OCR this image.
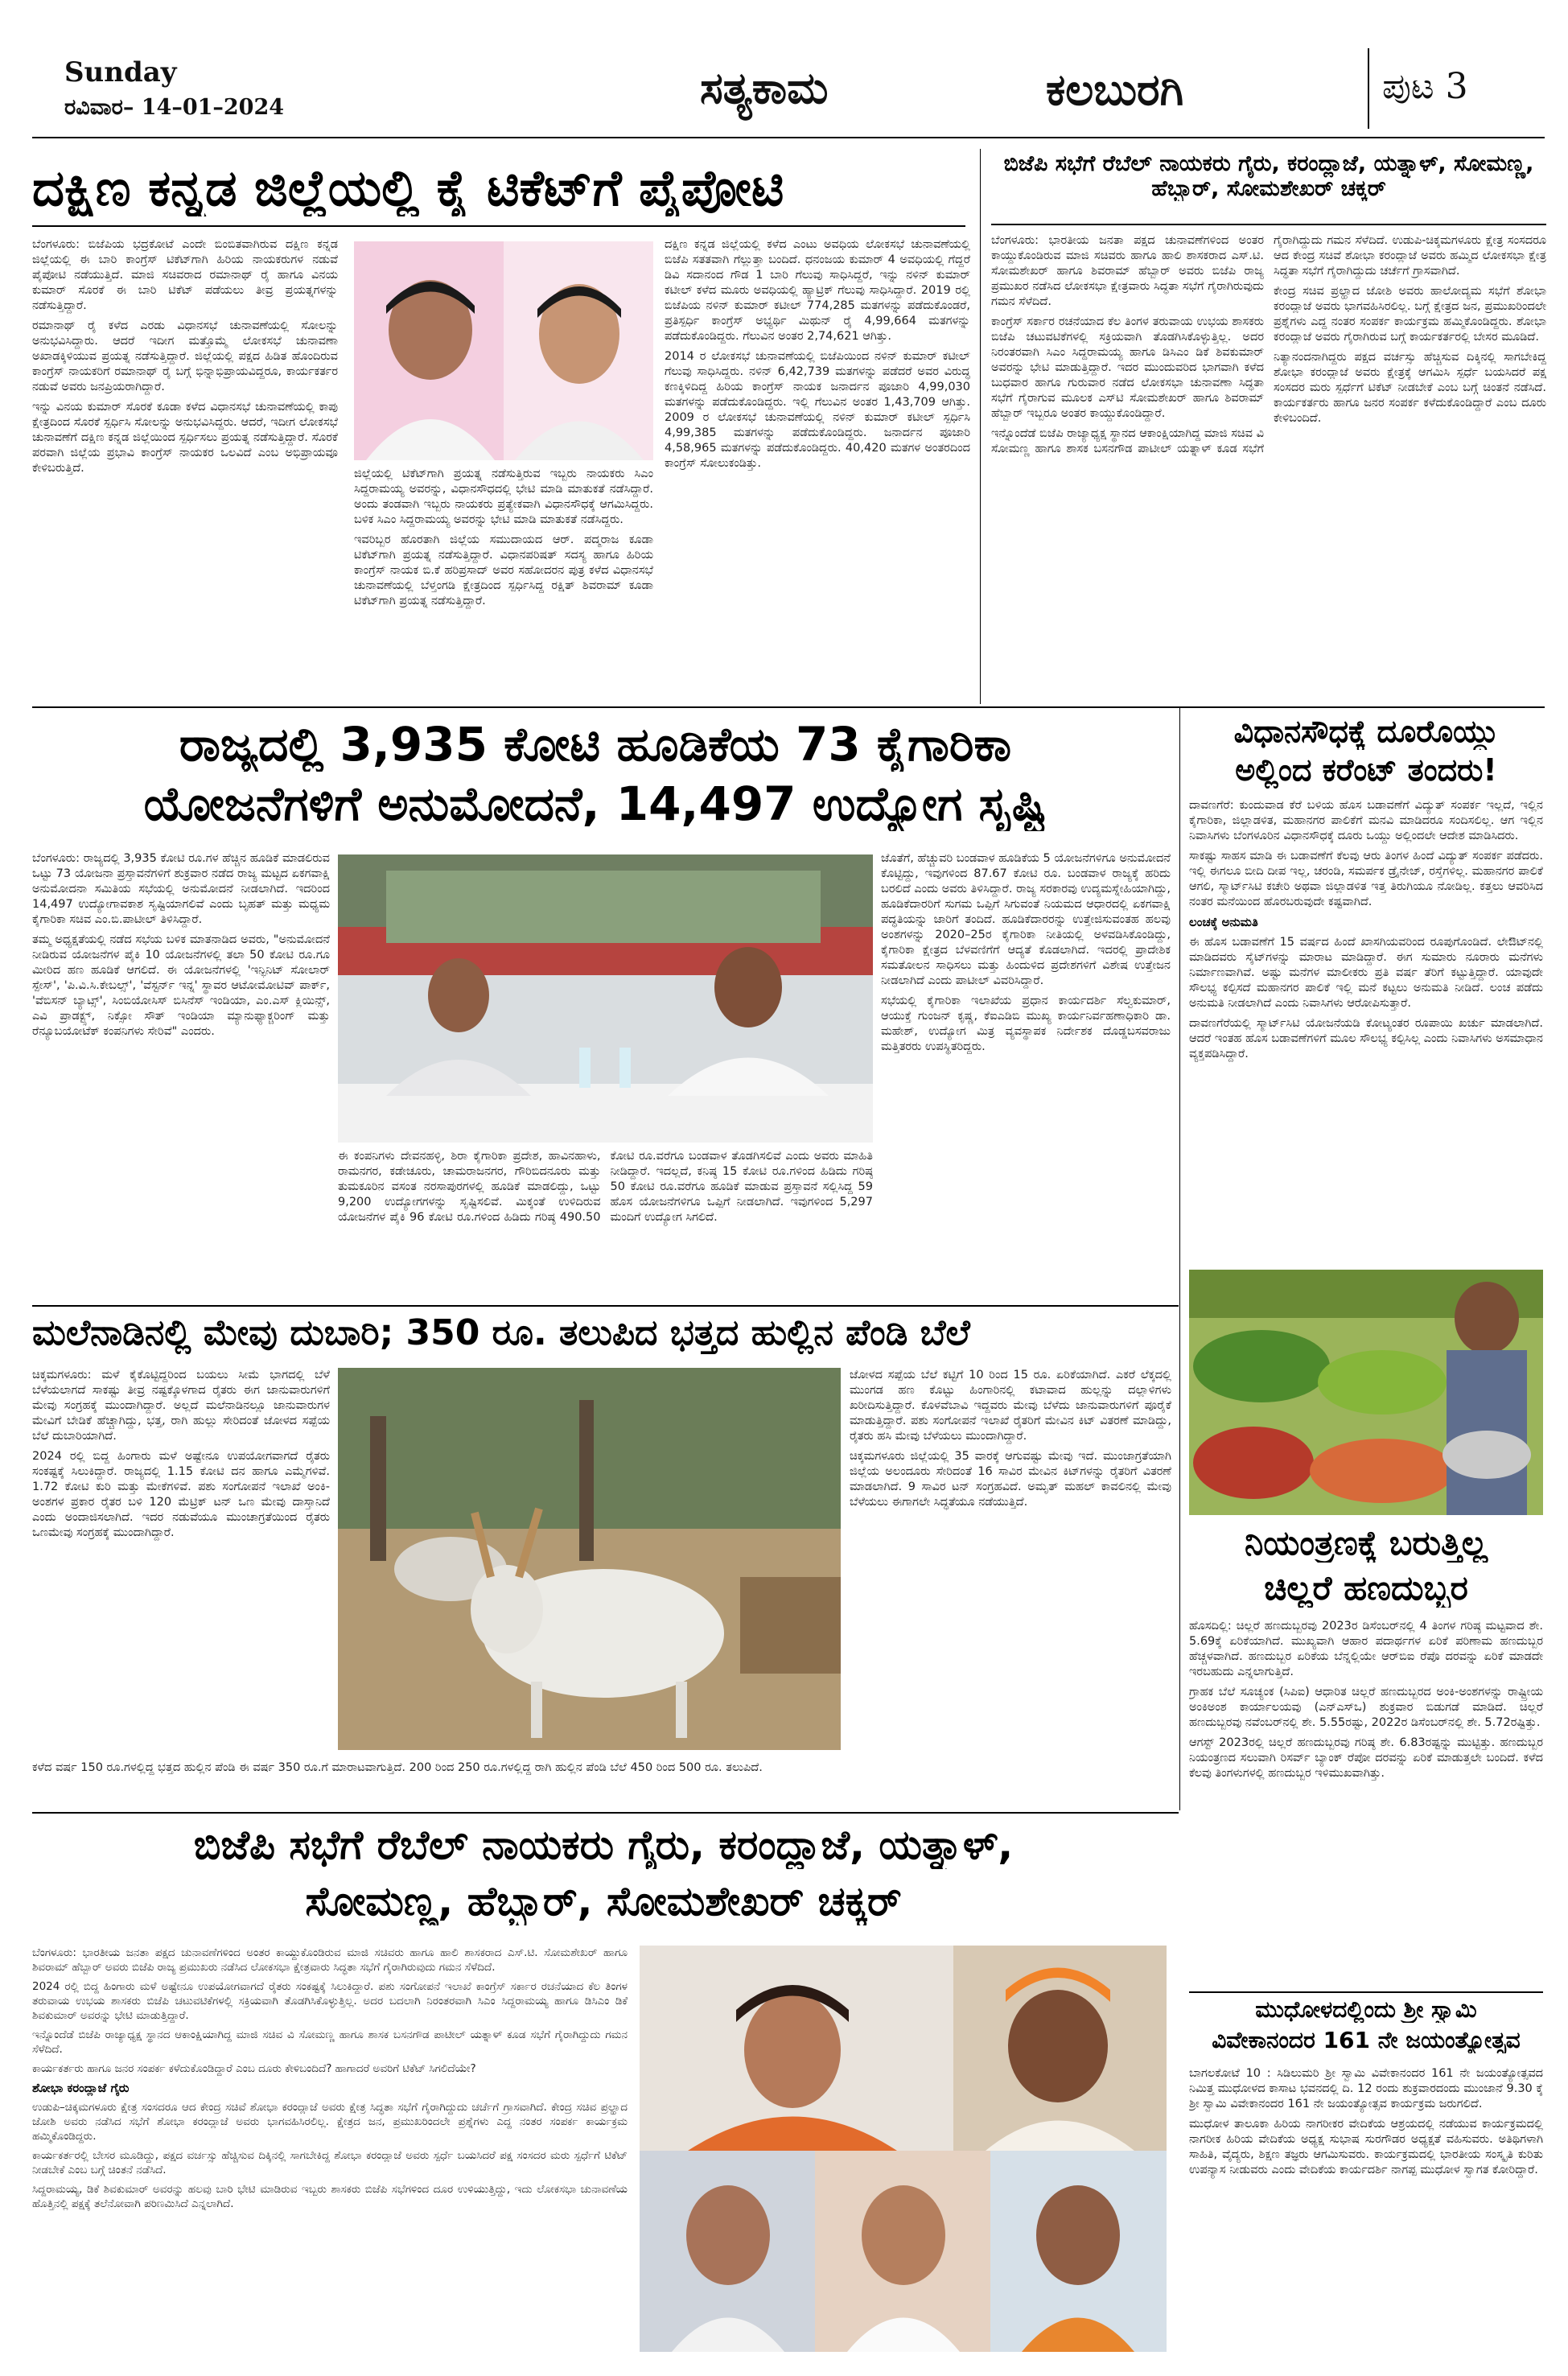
Sunday
ರವಿವಾರ– 14–01–2024	ಸತ್ಯಕಾಮ	ಕಲಬುರಗಿ	ಪುಟ 3
ದಕ್ಷಿಣ ಕನ್ನಡ ಜಿಲ್ಲೆಯಲ್ಲಿ ಕೈ ಟಿಕೆಟ್‌ಗೆ ಪೈಪೋಟಿ

ಬೆಂಗಳೂರು: ಬಿಜೆಪಿಯ ಭದ್ರಕೋಟೆ ಎಂದೇ ಬಿಂಬಿತವಾಗಿರುವ ದಕ್ಷಿಣ ಕನ್ನಡ ಜಿಲ್ಲೆಯಲ್ಲಿ ಈ ಬಾರಿ ಕಾಂಗ್ರೆಸ್ ಟಿಕೆಟ್‌ಗಾಗಿ ಹಿರಿಯ ನಾಯಕರುಗಳ ನಡುವೆ ಪೈಪೋಟಿ ನಡೆಯುತ್ತಿದೆ. ಮಾಜಿ ಸಚಿವರಾದ ರಮಾನಾಥ್ ರೈ ಹಾಗೂ ವಿನಯ ಕುಮಾರ್ ಸೊರಕೆ ಈ ಬಾರಿ ಟಿಕೆಟ್ ಪಡೆಯಲು ತೀವ್ರ ಪ್ರಯತ್ನಗಳನ್ನು ನಡೆಸುತ್ತಿದ್ದಾರೆ.

ರಮಾನಾಥ್ ರೈ ಕಳೆದ ಎರಡು ವಿಧಾನಸಭೆ ಚುನಾವಣೆಯಲ್ಲಿ ಸೋಲನ್ನು ಅನುಭವಿಸಿದ್ದಾರು. ಆದರೆ ಇದೀಗ ಮತ್ತೊಮ್ಮೆ ಲೋಕಸಭೆ ಚುನಾವಣಾ ಅಖಾಡಕ್ಕಿಳಿಯುವ ಪ್ರಯತ್ನ ನಡೆಸುತ್ತಿದ್ದಾರೆ. ಜಿಲ್ಲೆಯಲ್ಲಿ ಪಕ್ಷದ ಹಿಡಿತ ಹೊಂದಿರುವ ಕಾಂಗ್ರೆಸ್ ನಾಯಕರಿಗೆ ರಮಾನಾಥ್ ರೈ ಬಗ್ಗೆ ಭಿನ್ನಾಭಿಪ್ರಾಯವಿದ್ದರೂ, ಕಾರ್ಯಕರ್ತರ ನಡುವೆ ಅವರು ಜನಪ್ರಿಯರಾಗಿದ್ದಾರೆ.

ಇನ್ನು ವಿನಯ ಕುಮಾರ್ ಸೊರಕೆ ಕೂಡಾ ಕಳೆದ ವಿಧಾನಸಭೆ ಚುನಾವಣೆಯಲ್ಲಿ ಕಾಪು ಕ್ಷೇತ್ರದಿಂದ ಸೊರಕೆ ಸ್ಪರ್ಧಿಸಿ ಸೋಲನ್ನು ಅನುಭವಿಸಿದ್ದರು. ಆದರೆ, ಇದೀಗ ಲೋಕಸಭೆ ಚುನಾವಣೆಗೆ ದಕ್ಷಿಣ ಕನ್ನಡ ಜಿಲ್ಲೆಯಿಂದ ಸ್ಪರ್ಧಿಸಲು ಪ್ರಯತ್ನ ನಡೆಸುತ್ತಿದ್ದಾರೆ. ಸೊರಕೆ ಪರವಾಗಿ ಜಿಲ್ಲೆಯ ಪ್ರಭಾವಿ ಕಾಂಗ್ರೆಸ್ ನಾಯಕರ ಒಲವಿದೆ ಎಂಬ ಅಭಿಪ್ರಾಯವೂ ಕೇಳಿಬರುತ್ತಿದೆ.	ಜಿಲ್ಲೆಯಲ್ಲಿ ಟಿಕೆಟ್‌ಗಾಗಿ ಪ್ರಯತ್ನ ನಡೆಸುತ್ತಿರುವ ಇಬ್ಬರು ನಾಯಕರು ಸಿಎಂ ಸಿದ್ದರಾಮಯ್ಯ ಅವರನ್ನು, ವಿಧಾನಸೌಧದಲ್ಲಿ ಭೇಟಿ ಮಾಡಿ ಮಾತುಕತೆ ನಡೆಸಿದ್ದಾರೆ. ಅಂದು ತಂಡವಾಗಿ ಇಬ್ಬರು ನಾಯಕರು ಪ್ರತ್ಯೇಕವಾಗಿ ವಿಧಾನಸೌಧಕ್ಕೆ ಆಗಮಿಸಿದ್ದರು. ಬಳಿಕ ಸಿಎಂ ಸಿದ್ದರಾಮಯ್ಯ ಅವರನ್ನು ಭೇಟಿ ಮಾಡಿ ಮಾತುಕತೆ ನಡೆಸಿದ್ದರು.

ಇವರಿಬ್ಬರ ಹೊರತಾಗಿ ಜಿಲ್ಲೆಯ ಸಮುದಾಯದ ಆರ್. ಪದ್ಮರಾಜ ಕೂಡಾ ಟಿಕೆಟ್‌ಗಾಗಿ ಪ್ರಯತ್ನ ನಡೆಸುತ್ತಿದ್ದಾರೆ. ವಿಧಾನಪರಿಷತ್ ಸದಸ್ಯ ಹಾಗೂ ಹಿರಿಯ ಕಾಂಗ್ರೆಸ್ ನಾಯಕ ಬಿ.ಕೆ ಹರಿಪ್ರಸಾದ್ ಅವರ ಸಹೋದರನ ಪುತ್ರ ಕಳೆದ ವಿಧಾನಸಭೆ ಚುನಾವಣೆಯಲ್ಲಿ ಬೆಳ್ತಂಗಡಿ ಕ್ಷೇತ್ರದಿಂದ ಸ್ಪರ್ಧಿಸಿದ್ದ ರಕ್ಷಿತ್ ಶಿವರಾಮ್ ಕೂಡಾ ಟಿಕೆಟ್‌ಗಾಗಿ ಪ್ರಯತ್ನ ನಡೆಸುತ್ತಿದ್ದಾರೆ.

ದಕ್ಷಿಣ ಕನ್ನಡ ಜಿಲ್ಲೆಯಲ್ಲಿ ಕಳೆದ ಎಂಟು ಅವಧಿಯ ಲೋಕಸಭೆ ಚುನಾವಣೆಯಲ್ಲಿ ಬಿಜೆಪಿ ಸತತವಾಗಿ ಗೆಲ್ಲುತ್ತಾ ಬಂದಿದೆ. ಧನಂಜಯ ಕುಮಾರ್ 4 ಅವಧಿಯಲ್ಲಿ ಗೆದ್ದರೆ ಡಿವಿ ಸದಾನಂದ ಗೌಡ 1 ಬಾರಿ ಗೆಲುವು ಸಾಧಿಸಿದ್ದರೆ, ಇನ್ನು ನಳಿನ್ ಕುಮಾರ್ ಕಟೀಲ್ ಕಳೆದ ಮೂರು ಅವಧಿಯಲ್ಲಿ ಹ್ಯಾಟ್ರಿಕ್ ಗೆಲುವು ಸಾಧಿಸಿದ್ದಾರೆ. 2019 ರಲ್ಲಿ ಬಿಜೆಪಿಯ ನಳಿನ್ ಕುಮಾರ್ ಕಟೀಲ್ 774,285 ಮತಗಳನ್ನು ಪಡೆದುಕೊಂಡರೆ, ಪ್ರತಿಸ್ಪರ್ಧಿ ಕಾಂಗ್ರೆಸ್ ಅಭ್ಯರ್ಥಿ ಮಿಥುನ್ ರೈ 4,99,664 ಮತಗಳನ್ನು ಪಡೆದುಕೊಂಡಿದ್ದರು. ಗೆಲುವಿನ ಅಂತರ 2,74,621 ಆಗಿತ್ತು.

2014 ರ ಲೋಕಸಭೆ ಚುನಾವಣೆಯಲ್ಲಿ ಬಿಜೆಪಿಯಿಂದ ನಳಿನ್ ಕುಮಾರ್ ಕಟೀಲ್ ಗೆಲುವು ಸಾಧಿಸಿದ್ದರು. ನಳಿನ್ 6,42,739 ಮತಗಳನ್ನು ಪಡೆದರೆ ಅವರ ವಿರುದ್ಧ ಕಣಕ್ಕಿಳಿದಿದ್ದ ಹಿರಿಯ ಕಾಂಗ್ರೆಸ್ ನಾಯಕ ಜನಾರ್ದನ ಪೂಜಾರಿ 4,99,030 ಮತಗಳನ್ನು ಪಡೆದುಕೊಂಡಿದ್ದರು. ಇಲ್ಲಿ ಗೆಲುವಿನ ಅಂತರ 1,43,709 ಆಗಿತ್ತು. 2009 ರ ಲೋಕಸಭೆ ಚುನಾವಣೆಯಲ್ಲಿ ನಳಿನ್ ಕುಮಾರ್ ಕಟೀಲ್ ಸ್ಪರ್ಧಿಸಿ 4,99,385 ಮತಗಳನ್ನು ಪಡೆದುಕೊಂಡಿದ್ದರು. ಜನಾರ್ದನ ಪೂಜಾರಿ 4,58,965 ಮತಗಳನ್ನು ಪಡೆದುಕೊಂಡಿದ್ದರು. 40,420 ಮತಗಳ ಅಂತರದಿಂದ ಕಾಂಗ್ರೆಸ್ ಸೋಲುಕಂಡಿತ್ತು.

ಬಿಜೆಪಿ ಸಭೆಗೆ ರೆಬೆಲ್ ನಾಯಕರು ಗೈರು, ಕರಂದ್ಲಾಜೆ, ಯತ್ನಾಳ್, ಸೋಮಣ್ಣ, ಹೆಬ್ಬಾರ್, ಸೋಮಶೇಖರ್ ಚಕ್ಕರ್

ಬೆಂಗಳೂರು: ಭಾರತೀಯ ಜನತಾ ಪಕ್ಷದ ಚುನಾವಣೆಗಳಿಂದ ಅಂತರ ಕಾಯ್ದುಕೊಂಡಿರುವ ಮಾಜಿ ಸಚಿವರು ಹಾಗೂ ಹಾಲಿ ಶಾಸಕರಾದ ಎಸ್.ಟಿ. ಸೋಮಶೇಖರ್ ಹಾಗೂ ಶಿವರಾಮ್ ಹೆಬ್ಬಾರ್ ಅವರು ಬಿಜೆಪಿ ರಾಜ್ಯ ಪ್ರಮುಖರ ನಡೆಸಿದ ಲೋಕಸಭಾ ಕ್ಷೇತ್ರವಾರು ಸಿದ್ಧತಾ ಸಭೆಗೆ ಗೈರಾಗಿರುವುದು ಗಮನ ಸೆಳೆದಿದೆ.

ಕಾಂಗ್ರೆಸ್ ಸರ್ಕಾರ ರಚನೆಯಾದ ಕೆಲ ತಿಂಗಳ ತರುವಾಯ ಉಭಯ ಶಾಸಕರು ಬಿಜೆಪಿ ಚಟುವಟಿಕೆಗಳಲ್ಲಿ ಸಕ್ರಿಯವಾಗಿ ತೊಡಗಿಸಿಕೊಳ್ಳುತ್ತಿಲ್ಲ. ಅದರ ನಿರಂತರವಾಗಿ ಸಿಎಂ ಸಿದ್ದರಾಮಯ್ಯ ಹಾಗೂ ಡಿಸಿಎಂ ಡಿಕೆ ಶಿವಕುಮಾರ್ ಅವರನ್ನು ಭೇಟಿ ಮಾಡುತ್ತಿದ್ದಾರೆ. ಇದರ ಮುಂದುವರಿದ ಭಾಗವಾಗಿ ಕಳೆದ ಬುಧವಾರ ಹಾಗೂ ಗುರುವಾರ ನಡೆದ ಲೋಕಸಭಾ ಚುನಾವಣಾ ಸಿದ್ಧತಾ ಸಭೆಗೆ ಗೈರಾಗುವ ಮೂಲಕ ಎಸ್‌ಟಿ ಸೋಮಶೇಖರ್ ಹಾಗೂ ಶಿವರಾಮ್ ಹೆಬ್ಬಾರ್ ಇಬ್ಬರೂ ಅಂತರ ಕಾಯ್ದುಕೊಂಡಿದ್ದಾರೆ.

ಇನ್ನೊಂದೆಡೆ ಬಿಜೆಪಿ ರಾಜ್ಯಾಧ್ಯಕ್ಷ ಸ್ಥಾನದ ಆಕಾಂಕ್ಷಿಯಾಗಿದ್ದ ಮಾಜಿ ಸಚಿವ ವಿ ಸೋಮಣ್ಣ ಹಾಗೂ ಶಾಸಕ ಬಸನಗೌಡ ಪಾಟೀಲ್ ಯತ್ನಾಳ್ ಕೂಡ ಸಭೆಗೆ ಗೈರಾಗಿದ್ದುದು ಗಮನ ಸೆಳೆದಿದೆ. ಉಡುಪಿ-ಚಿಕ್ಕಮಗಳೂರು ಕ್ಷೇತ್ರ ಸಂಸದರೂ ಆದ ಕೇಂದ್ರ ಸಚಿವೆ ಶೋಭಾ ಕರಂದ್ಲಾಜೆ ಅವರು ಹಮ್ಮಿದ ಲೋಕಸಭಾ ಕ್ಷೇತ್ರ ಸಿದ್ಧತಾ ಸಭೆಗೆ ಗೈರಾಗಿದ್ದುದು ಚರ್ಚೆಗೆ ಗ್ರಾಸವಾಗಿದೆ.

ಕೇಂದ್ರ ಸಚಿವ ಪ್ರಲ್ಹಾದ ಜೋಶಿ ಅವರು ಹಾಲೋದ್ಯಮ ಸಭೆಗೆ ಶೋಭಾ ಕರಂದ್ಲಾಜೆ ಅವರು ಭಾಗವಹಿಸಿರಲಿಲ್ಲ. ಬಗ್ಗೆ ಕ್ಷೇತ್ರದ ಜನ, ಪ್ರಮುಖರಿಂದಲೇ ಪ್ರಶ್ನೆಗಳು ಎದ್ದ ನಂತರ ಸಂಪರ್ಕ ಕಾರ್ಯಕ್ರಮ ಹಮ್ಮಿಕೊಂಡಿದ್ದರು. ಶೋಭಾ ಕರಂದ್ಲಾಜೆ ಅವರು ಗೈರಾಗಿರುವ ಬಗ್ಗೆ ಕಾರ್ಯಕರ್ತರಲ್ಲಿ ಬೇಸರ ಮೂಡಿದೆ.

ನಿತ್ಯಾನಂದನಾಗಿದ್ದರು ಪಕ್ಷದ ವರ್ಚಸ್ಸು ಹೆಚ್ಚಿಸುವ ದಿಕ್ಕಿನಲ್ಲಿ ಸಾಗಬೇಕಿದ್ದ ಶೋಭಾ ಕರಂದ್ಲಾಜೆ ಅವರು ಕ್ಷೇತ್ರಕ್ಕೆ ಆಗಮಿಸಿ ಸ್ಪರ್ಧೆ ಬಯಸಿದರೆ ಪಕ್ಷ ಸಂಸದರ ಮರು ಸ್ಪರ್ಧೆಗೆ ಟಿಕೆಟ್ ನೀಡಬೇಕೆ ಎಂಬ ಬಗ್ಗೆ ಚಿಂತನೆ ನಡೆಸಿದೆ. ಕಾರ್ಯಕರ್ತರು ಹಾಗೂ ಜನರ ಸಂಪರ್ಕ ಕಳೆದುಕೊಂಡಿದ್ದಾರೆ ಎಂಬ ದೂರು ಕೇಳಿಬಂದಿದೆ.

ರಾಜ್ಯದಲ್ಲಿ 3,935 ಕೋಟಿ ಹೂಡಿಕೆಯ 73 ಕೈಗಾರಿಕಾ
ಯೋಜನೆಗಳಿಗೆ ಅನುಮೋದನೆ, 14,497 ಉದ್ಯೋಗ ಸೃಷ್ಟಿ

ಬೆಂಗಳೂರು: ರಾಜ್ಯದಲ್ಲಿ 3,935 ಕೋಟಿ ರೂ.ಗಳ ಹೆಚ್ಚಿನ ಹೂಡಿಕೆ ಮಾಡಲಿರುವ ಒಟ್ಟು 73 ಯೋಜನಾ ಪ್ರಸ್ತಾವನೆಗಳಿಗೆ ಶುಕ್ರವಾರ ನಡೆದ ರಾಜ್ಯ ಮಟ್ಟದ ಏಕಗವಾಕ್ಷಿ ಅನುಮೋದನಾ ಸಮಿತಿಯ ಸಭೆಯಲ್ಲಿ ಅನುಮೋದನೆ ನೀಡಲಾಗಿದೆ. ಇದರಿಂದ 14,497 ಉದ್ಯೋಗಾವಕಾಶ ಸೃಷ್ಟಿಯಾಗಲಿವೆ ಎಂದು ಬೃಹತ್ ಮತ್ತು ಮಧ್ಯಮ ಕೈಗಾರಿಕಾ ಸಚಿವ ಎಂ.ಬಿ.ಪಾಟೀಲ್ ತಿಳಿಸಿದ್ದಾರೆ.

ತಮ್ಮ ಅಧ್ಯಕ್ಷತೆಯಲ್ಲಿ ನಡೆದ ಸಭೆಯ ಬಳಿಕ ಮಾತನಾಡಿದ ಅವರು, "ಅನುಮೋದನೆ ನೀಡಿರುವ ಯೋಜನೆಗಳ ಪೈಕಿ 10 ಯೋಜನೆಗಳಲ್ಲಿ ತಲಾ 50 ಕೋಟಿ ರೂ.ಗೂ ಮೀರಿದ ಹಣ ಹೂಡಿಕೆ ಆಗಲಿದೆ. ಈ ಯೋಜನೆಗಳಲ್ಲಿ 'ಇನ್ಫಿನಿಟ್ ಸೋಲಾರ್ ಸ್ಪೇಸ್', 'ಪಿ.ವಿ.ಸಿ.ಕೇಬಲ್ಸ್', 'ವೆಸ್ಟರ್ನ್ ಇನ್ನ' ಸ್ಥಾವರ ಆಟೋಮೋಟಿವ್ ಪಾರ್ಕ್‌, 'ವೆಬಿಸನ್ ಬ್ಯಾಟ್ಸ್‌', ಸಿಂಬಿಯೋಸಿಸ್ ಬಿಸಿನೆಸ್ ಇಂಡಿಯಾ, ಎಂ.ಎಸ್ ಕ್ಲಿಯಿನ್ಸ್, ಎವಿ ಪ್ರಾಡಕ್ಟ್ಸ್, ನಿಕ್ಸೋ ಸೌತ್ ಇಂಡಿಯಾ ಮ್ಯಾನುಫ್ಯಾಕ್ಚರಿಂಗ್ ಮತ್ತು ರೆನ್ಯೂಬಯೋಟೆಕ್ ಕಂಪನಿಗಳು ಸೇರಿವೆ" ಎಂದರು.

ಈ ಕಂಪನಿಗಳು ದೇವನಹಳ್ಳಿ, ಶಿರಾ ಕೈಗಾರಿಕಾ ಪ್ರದೇಶ, ಹಾವಿನಹಾಳು, ರಾಮನಗರ, ಕಡೇಚೂರು, ಚಾಮರಾಜನಗರ, ಗೌರಿಬಿದನೂರು ಮತ್ತು ತುಮಕೂರಿನ ವಸಂತ ನರಸಾಪುರಗಳಲ್ಲಿ ಹೂಡಿಕೆ ಮಾಡಲಿದ್ದು, ಒಟ್ಟು 9,200 ಉದ್ಯೋಗಗಳನ್ನು ಸೃಷ್ಟಿಸಲಿವೆ. ಮಿಕ್ಕಂತೆ ಉಳಿದಿರುವ ಯೋಜನೆಗಳ ಪೈಕಿ 96 ಕೋಟಿ ರೂ.ಗಳಿಂದ ಹಿಡಿದು ಗರಿಷ್ಠ 490.50 ಕೋಟಿ ರೂ.ವರೆಗೂ ಬಂಡವಾಳ ತೊಡಗಿಸಲಿವೆ ಎಂದು ಅವರು ಮಾಹಿತಿ ನೀಡಿದ್ದಾರೆ. ಇದಲ್ಲದೆ, ಕನಿಷ್ಠ 15 ಕೋಟಿ ರೂ.ಗಳಿಂದ ಹಿಡಿದು ಗರಿಷ್ಠ 50 ಕೋಟಿ ರೂ.ವರೆಗೂ ಹೂಡಿಕೆ ಮಾಡುವ ಪ್ರಸ್ತಾವನೆ ಸಲ್ಲಿಸಿದ್ದ 59 ಹೊಸ ಯೋಜನೆಗಳಿಗೂ ಒಪ್ಪಿಗೆ ನೀಡಲಾಗಿದೆ. ಇವುಗಳಿಂದ 5,297 ಮಂದಿಗೆ ಉದ್ಯೋಗ ಸಿಗಲಿದೆ.

ಜೊತೆಗೆ, ಹೆಚ್ಚುವರಿ ಬಂಡವಾಳ ಹೂಡಿಕೆಯ 5 ಯೋಜನೆಗಳಿಗೂ ಅನುಮೋದನೆ ಕೊಟ್ಟಿದ್ದು, ಇವುಗಳಿಂದ 87.67 ಕೋಟಿ ರೂ. ಬಂಡವಾಳ ರಾಜ್ಯಕ್ಕೆ ಹರಿದು ಬರಲಿದೆ ಎಂದು ಅವರು ತಿಳಿಸಿದ್ದಾರೆ. ರಾಜ್ಯ ಸರಕಾರವು ಉದ್ಯಮಸ್ನೇಹಿಯಾಗಿದ್ದು, ಹೂಡಿಕೆದಾರರಿಗೆ ಸುಗಮ ಒಪ್ಪಿಗೆ ಸಿಗುವಂತೆ ನಿಯಮದ ಆಧಾರದಲ್ಲಿ ಏಕಗವಾಕ್ಷಿ ಪದ್ಧತಿಯನ್ನು ಜಾರಿಗೆ ತಂದಿದೆ. ಹೂಡಿಕೆದಾರರನ್ನು ಉತ್ತೇಜಿಸುವಂತಹ ಹಲವು ಅಂಶಗಳನ್ನು 2020–25ರ ಕೈಗಾರಿಕಾ ನೀತಿಯಲ್ಲಿ ಅಳವಡಿಸಿಕೊಂಡಿದ್ದು, ಕೈಗಾರಿಕಾ ಕ್ಷೇತ್ರದ ಬೆಳವಣಿಗೆಗೆ ಆದ್ಯತೆ ಕೊಡಲಾಗಿದೆ. ಇದರಲ್ಲಿ ಪ್ರಾದೇಶಿಕ ಸಮತೋಲನ ಸಾಧಿಸಲು ಮತ್ತು ಹಿಂದುಳಿದ ಪ್ರದೇಶಗಳಿಗೆ ವಿಶೇಷ ಉತ್ತೇಜನ ನೀಡಲಾಗಿದೆ ಎಂದು ಪಾಟೀಲ್ ವಿವರಿಸಿದ್ದಾರೆ.

ಸಭೆಯಲ್ಲಿ ಕೈಗಾರಿಕಾ ಇಲಾಖೆಯ ಪ್ರಧಾನ ಕಾರ್ಯದರ್ಶಿ ಸೆಲ್ವಕುಮಾರ್, ಆಯುಕ್ತೆ ಗುಂಜನ್ ಕೃಷ್ಣ, ಕೆಐಎಡಿಬಿ ಮುಖ್ಯ ಕಾರ್ಯನಿರ್ವಹಣಾಧಿಕಾರಿ ಡಾ. ಮಹೇಶ್, ಉದ್ಯೋಗ ಮಿತ್ರ ವ್ಯವಸ್ಥಾಪಕ ನಿರ್ದೇಶಕ ದೊಡ್ಡಬಸವರಾಜು ಮತ್ತಿತರರು ಉಪಸ್ಥಿತರಿದ್ದರು.

ವಿಧಾನಸೌಧಕ್ಕೆ ದೂರೊಯ್ದು
ಅಲ್ಲಿಂದ ಕರೆಂಟ್ ತಂದರು!

ದಾವಣಗೆರೆ: ಕುಂದುವಾಡ ಕೆರೆ ಬಳಿಯ ಹೊಸ ಬಡಾವಣೆಗೆ ವಿದ್ಯುತ್ ಸಂಪರ್ಕ ಇಲ್ಲದೆ, ಇಲ್ಲಿನ ಕೈಗಾರಿಕಾ, ಜಿಲ್ಲಾಡಳಿತ, ಮಹಾನಗರ ಪಾಲಿಕೆಗೆ ಮನವಿ ಮಾಡಿದರೂ ಸಂದಿಸಲಿಲ್ಲ. ಆಗ ಇಲ್ಲಿನ ನಿವಾಸಿಗಳು ಬೆಂಗಳೂರಿನ ವಿಧಾನಸೌಧಕ್ಕೆ ದೂರು ಒಯ್ದು ಅಲ್ಲಿಂದಲೇ ಆದೇಶ ಮಾಡಿಸಿದರು.

ಸಾಕಷ್ಟು ಸಾಹಸ ಮಾಡಿ ಈ ಬಡಾವಣೆಗೆ ಕೆಲವು ಆರು ತಿಂಗಳ ಹಿಂದೆ ವಿದ್ಯುತ್ ಸಂಪರ್ಕ ಪಡೆದರು. ಇಲ್ಲಿ ಈಗಲೂ ಬೀದಿ ದೀಪ ಇಲ್ಲ, ಚರಂಡಿ, ಸಮರ್ಪಕ ಡ್ರೈನೇಜ್, ರಸ್ತೆಗಳಿಲ್ಲ. ಮಹಾನಗರ ಪಾಲಿಕೆ ಆಗಲಿ, ಸ್ಮಾರ್ಟ್‌ಸಿಟಿ ಕಚೇರಿ ಅಥವಾ ಜಿಲ್ಲಾಡಳಿತ ಇತ್ತ ತಿರುಗಿಯೂ ನೋಡಿಲ್ಲ. ಕತ್ತಲು ಆವರಿಸಿದ ನಂತರ ಮನೆಯಿಂದ ಹೊರಬರುವುದೇ ಕಷ್ಟವಾಗಿದೆ.

ಲಂಚಕ್ಕೆ ಅನುಮತಿ

ಈ ಹೊಸ ಬಡಾವಣೆಗೆ 15 ವರ್ಷದ ಹಿಂದೆ ಖಾಸಗಿಯವರಿಂದ ರೂಪುಗೊಂಡಿದೆ. ಲೇಔಟ್‌ನಲ್ಲಿ ಮಾಡಿದವರು ಸೈಟ್‌ಗಳನ್ನು ಮಾರಾಟ ಮಾಡಿದ್ದಾರೆ. ಈಗ ಸುಮಾರು ನೂರಾರು ಮನೆಗಳು ನಿರ್ಮಾಣವಾಗಿವೆ. ಅಷ್ಟು ಮನೆಗಳ ಮಾಲೀಕರು ಪ್ರತಿ ವರ್ಷ ತೆರಿಗೆ ಕಟ್ಟುತ್ತಿದ್ದಾರೆ. ಯಾವುದೇ ಸೌಲಭ್ಯ ಕಲ್ಪಿಸದೆ ಮಹಾನಗರ ಪಾಲಿಕೆ ಇಲ್ಲಿ ಮನೆ ಕಟ್ಟಲು ಅನುಮತಿ ನೀಡಿದೆ. ಲಂಚ ಪಡೆದು ಅನುಮತಿ ನೀಡಲಾಗಿದೆ ಎಂದು ನಿವಾಸಿಗಳು ಆರೋಪಿಸುತ್ತಾರೆ.

ದಾವಣಗೆರೆಯಲ್ಲಿ ಸ್ಮಾರ್ಟ್‌ಸಿಟಿ ಯೋಜನೆಯಡಿ ಕೋಟ್ಯಂತರ ರೂಪಾಯಿ ಖರ್ಚು ಮಾಡಲಾಗಿದೆ. ಆದರೆ ಇಂತಹ ಹೊಸ ಬಡಾವಣೆಗಳಿಗೆ ಮೂಲ ಸೌಲಭ್ಯ ಕಲ್ಪಿಸಿಲ್ಲ ಎಂದು ನಿವಾಸಿಗಳು ಅಸಮಾಧಾನ ವ್ಯಕ್ತಪಡಿಸಿದ್ದಾರೆ.

ಮಲೆನಾಡಿನಲ್ಲಿ ಮೇವು ದುಬಾರಿ; 350 ರೂ. ತಲುಪಿದ ಭತ್ತದ ಹುಲ್ಲಿನ ಪೆಂಡಿ ಬೆಲೆ

ಚಿಕ್ಕಮಗಳೂರು: ಮಳೆ ಕೈಕೊಟ್ಟಿದ್ದರಿಂದ ಬಯಲು ಸೀಮೆ ಭಾಗದಲ್ಲಿ ಬೆಳೆ ಬೆಳೆಯಲಾಗದೆ ಸಾಕಷ್ಟು ತೀವ್ರ ನಷ್ಟಕ್ಕೊಳಗಾದ ರೈತರು ಈಗ ಜಾನುವಾರುಗಳಿಗೆ ಮೇವು ಸಂಗ್ರಹಕ್ಕೆ ಮುಂದಾಗಿದ್ದಾರೆ. ಅಲ್ಲದೆ ಮಲೆನಾಡಿನಲ್ಲೂ ಜಾನುವಾರುಗಳ ಮೇವಿಗೆ ಬೇಡಿಕೆ ಹೆಚ್ಚಾಗಿದ್ದು, ಭತ್ತ, ರಾಗಿ ಹುಲ್ಲು ಸೇರಿದಂತೆ ಜೋಳದ ಸಪ್ಪೆಯ ಬೆಲೆ ದುಬಾರಿಯಾಗಿದೆ.

2024 ರಲ್ಲಿ ಬಿದ್ದ ಹಿಂಗಾರು ಮಳೆ ಅಷ್ಟೇನೂ ಉಪಯೋಗವಾಗದೆ ರೈತರು ಸಂಕಷ್ಟಕ್ಕೆ ಸಿಲುಕಿದ್ದಾರೆ. ರಾಜ್ಯದಲ್ಲಿ 1.15 ಕೋಟಿ ದನ ಹಾಗೂ ಎಮ್ಮೆಗಳಿವೆ. 1.72 ಕೋಟಿ ಕುರಿ ಮತ್ತು ಮೇಕೆಗಳಿವೆ. ಪಶು ಸಂಗೋಪನೆ ಇಲಾಖೆ ಅಂಕಿ-ಅಂಶಗಳ ಪ್ರಕಾರ ರೈತರ ಬಳಿ 120 ಮೆಟ್ರಿಕ್ ಟನ್ ಒಣ ಮೇವು ದಾಸ್ತಾನಿದೆ ಎಂದು ಅಂದಾಜಿಸಲಾಗಿದೆ. ಇದರ ನಡುವೆಯೂ ಮುಂಚಾಗ್ರತೆಯಿಂದ ರೈತರು ಒಣಮೇವು ಸಂಗ್ರಹಕ್ಕೆ ಮುಂದಾಗಿದ್ದಾರೆ.

ಕಳೆದ ವರ್ಷ 150 ರೂ.ಗಳಲ್ಲಿದ್ದ ಭತ್ತದ ಹುಲ್ಲಿನ ಪೆಂಡಿ ಈ ವರ್ಷ 350 ರೂ.ಗೆ ಮಾರಾಟವಾಗುತ್ತಿದೆ. 200 ರಿಂದ 250 ರೂ.ಗಳಲ್ಲಿದ್ದ ರಾಗಿ ಹುಲ್ಲಿನ ಪೆಂಡಿ ಬೆಲೆ 450 ರಿಂದ 500 ರೂ. ತಲುಪಿದೆ.

ಜೋಳದ ಸಪ್ಪೆಯ ಬೆಲೆ ಕಟ್ಟಿಗೆ 10 ರಿಂದ 15 ರೂ. ಏರಿಕೆಯಾಗಿದೆ. ಎಕರೆ ಲೆಕ್ಕದಲ್ಲಿ ಮುಂಗಡ ಹಣ ಕೊಟ್ಟು ಹಿಂಗಾರಿನಲ್ಲಿ ಕಟಾವಾದ ಹುಲ್ಲನ್ನು ದಲ್ಲಾಳಿಗಳು ಖರೀದಿಸುತ್ತಿದ್ದಾರೆ. ಕೊಳವೆಬಾವಿ ಇದ್ದವರು ಮೇವು ಬೆಳೆದು ಜಾನುವಾರುಗಳಿಗೆ ಪೂರೈಕೆ ಮಾಡುತ್ತಿದ್ದಾರೆ. ಪಶು ಸಂಗೋಪನೆ ಇಲಾಖೆ ರೈತರಿಗೆ ಮೇವಿನ ಕಿಟ್ ವಿತರಣೆ ಮಾಡಿದ್ದು, ರೈತರು ಹಸಿ ಮೇವು ಬೆಳೆಯಲು ಮುಂದಾಗಿದ್ದಾರೆ.

ಚಿಕ್ಕಮಗಳೂರು ಜಿಲ್ಲೆಯಲ್ಲಿ 35 ವಾರಕ್ಕೆ ಆಗುವಷ್ಟು ಮೇವು ಇದೆ. ಮುಂಜಾಗ್ರತೆಯಾಗಿ ಜಿಲ್ಲೆಯ ಅಲಂದೂರು ಸೇರಿದಂತೆ 16 ಸಾವಿರ ಮೇವಿನ ಕಿಟ್‌ಗಳನ್ನು ರೈತರಿಗೆ ವಿತರಣೆ ಮಾಡಲಾಗಿದೆ. 9 ಸಾವಿರ ಟನ್ ಸಂಗ್ರಹವಿದೆ. ಅಮೃತ್ ಮಹಲ್ ಕಾವಲಿನಲ್ಲಿ ಮೇವು ಬೆಳೆಯಲು ಈಗಾಗಲೇ ಸಿದ್ಧತೆಯೂ ನಡೆಯುತ್ತಿದೆ.

ನಿಯಂತ್ರಣಕ್ಕೆ ಬರುತ್ತಿಲ್ಲ
ಚಿಲ್ಲರೆ ಹಣದುಬ್ಬರ

ಹೊಸದಿಲ್ಲಿ: ಚಿಲ್ಲರೆ ಹಣದುಬ್ಬರವು 2023ರ ಡಿಸೆಂಬರ್‌ನಲ್ಲಿ 4 ತಿಂಗಳ ಗರಿಷ್ಠ ಮಟ್ಟವಾದ ಶೇ. 5.69ಕ್ಕೆ ಏರಿಕೆಯಾಗಿದೆ. ಮುಖ್ಯವಾಗಿ ಆಹಾರ ಪದಾರ್ಥಗಳ ಏರಿಕೆ ಪರಿಣಾಮ ಹಣದುಬ್ಬರ ಹೆಚ್ಚಳವಾಗಿದೆ. ಹಣದುಬ್ಬರ ಏರಿಕೆಯ ಬೆನ್ನಲ್ಲಿಯೇ ಆರ್‌ಬಿಐ ರೆಪೊ ದರವನ್ನು ಏರಿಕೆ ಮಾಡದೇ ಇರಬಹುದು ಎನ್ನಲಾಗುತ್ತಿದೆ.

ಗ್ರಾಹಕ ಬೆಲೆ ಸೂಚ್ಯಂಕ (ಸಿಪಿಐ) ಆಧಾರಿತ ಚಿಲ್ಲರೆ ಹಣದುಬ್ಬರದ ಅಂಕಿ-ಅಂಶಗಳನ್ನು ರಾಷ್ಟ್ರೀಯ ಅಂಕಿಅಂಶ ಕಾರ್ಯಾಲಯವು (ಎನ್‌ಎಸ್‌ಒ) ಶುಕ್ರವಾರ ಬಿಡುಗಡೆ ಮಾಡಿದೆ. ಚಿಲ್ಲರೆ ಹಣದುಬ್ಬರವು ನವೆಂಬರ್‌ನಲ್ಲಿ ಶೇ. 5.55ರಷ್ಟು, 2022ರ ಡಿಸೆಂಬರ್‌ನಲ್ಲಿ ಶೇ. 5.72ರಷ್ಟಿತ್ತು.

ಆಗಸ್ಟ್ 2023ರಲ್ಲಿ ಚಿಲ್ಲರೆ ಹಣದುಬ್ಬರವು ಗರಿಷ್ಠ ಶೇ. 6.83ರಷ್ಟನ್ನು ಮುಟ್ಟಿತ್ತು. ಹಣದುಬ್ಬರ ನಿಯಂತ್ರಣದ ಸಲುವಾಗಿ ರಿಸರ್ವ್ ಬ್ಯಾಂಕ್ ರೆಪೋ ದರವನ್ನು ಏರಿಕೆ ಮಾಡುತ್ತಲೇ ಬಂದಿದೆ. ಕಳೆದ ಕೆಲವು ತಿಂಗಳುಗಳಲ್ಲಿ ಹಣದುಬ್ಬರ ಇಳಿಮುಖವಾಗಿತ್ತು.

ಬಿಜೆಪಿ ಸಭೆಗೆ ರೆಬೆಲ್ ನಾಯಕರು ಗೈರು, ಕರಂದ್ಲಾಜೆ, ಯತ್ನಾಳ್,
ಸೋಮಣ್ಣ, ಹೆಬ್ಬಾರ್, ಸೋಮಶೇಖರ್ ಚಕ್ಕರ್

ಬೆಂಗಳೂರು: ಭಾರತೀಯ ಜನತಾ ಪಕ್ಷದ ಚುನಾವಣೆಗಳಿಂದ ಅಂತರ ಕಾಯ್ದುಕೊಂಡಿರುವ ಮಾಜಿ ಸಚಿವರು ಹಾಗೂ ಹಾಲಿ ಶಾಸಕರಾದ ಎಸ್.ಟಿ. ಸೋಮಶೇಖರ್ ಹಾಗೂ ಶಿವರಾಮ್ ಹೆಬ್ಬಾರ್ ಅವರು ಬಿಜೆಪಿ ರಾಜ್ಯ ಪ್ರಮುಖರು ನಡೆಸಿದ ಲೋಕಸಭಾ ಕ್ಷೇತ್ರವಾರು ಸಿದ್ಧತಾ ಸಭೆಗೆ ಗೈರಾಗಿರುವುದು ಗಮನ ಸೆಳೆದಿದೆ.

2024 ರಲ್ಲಿ ಬಿದ್ದ ಹಿಂಗಾರು ಮಳೆ ಅಷ್ಟೇನೂ ಉಪಯೋಗವಾಗದೆ ರೈತರು ಸಂಕಷ್ಟಕ್ಕೆ ಸಿಲುಕಿದ್ದಾರೆ. ಪಶು ಸಂಗೋಪನೆ ಇಲಾಖೆ ಕಾಂಗ್ರೆಸ್ ಸರ್ಕಾರ ರಚನೆಯಾದ ಕೆಲ ತಿಂಗಳ ತರುವಾಯ ಉಭಯ ಶಾಸಕರು ಬಿಜೆಪಿ ಚಟುವಟಿಕೆಗಳಲ್ಲಿ ಸಕ್ರಿಯವಾಗಿ ತೊಡಗಿಸಿಕೊಳ್ಳುತ್ತಿಲ್ಲ. ಅದರ ಬದಲಾಗಿ ನಿರಂತರವಾಗಿ ಸಿಎಂ ಸಿದ್ದರಾಮಯ್ಯ ಹಾಗೂ ಡಿಸಿಎಂ ಡಿಕೆ ಶಿವಕುಮಾರ್ ಅವರನ್ನು ಭೇಟಿ ಮಾಡುತ್ತಿದ್ದಾರೆ.

ಇನ್ನೊಂದೆಡೆ ಬಿಜೆಪಿ ರಾಜ್ಯಾಧ್ಯಕ್ಷ ಸ್ಥಾನದ ಆಕಾಂಕ್ಷಿಯಾಗಿದ್ದ ಮಾಜಿ ಸಚಿವ ವಿ ಸೋಮಣ್ಣ ಹಾಗೂ ಶಾಸಕ ಬಸನಗೌಡ ಪಾಟೀಲ್ ಯತ್ನಾಳ್ ಕೂಡ ಸಭೆಗೆ ಗೈರಾಗಿದ್ದುದು ಗಮನ ಸೆಳೆದಿದೆ.

ಕಾರ್ಯಕರ್ತರು ಹಾಗೂ ಜನರ ಸಂಪರ್ಕ ಕಳೆದುಕೊಂಡಿದ್ದಾರೆ ಎಂಬ ದೂರು ಕೇಳಿಬಂದಿದೆ? ಹಾಗಾದರೆ ಅವರಿಗೆ ಟಿಕೆಟ್ ಸಿಗಲಿದೆಯೇ?

ಶೋಭಾ ಕರಂದ್ಲಾಜೆ ಗೈರು

ಉಡುಪಿ–ಚಿಕ್ಕಮಗಳೂರು ಕ್ಷೇತ್ರ ಸಂಸದರೂ ಆದ ಕೇಂದ್ರ ಸಚಿವೆ ಶೋಭಾ ಕರಂದ್ಲಾಜೆ ಅವರು ಕ್ಷೇತ್ರ ಸಿದ್ಧತಾ ಸಭೆಗೆ ಗೈರಾಗಿದ್ದುದು ಚರ್ಚೆಗೆ ಗ್ರಾಸವಾಗಿದೆ. ಕೇಂದ್ರ ಸಚಿವ ಪ್ರಲ್ಹಾದ ಜೋಶಿ ಅವರು ನಡೆಸಿದ ಸಭೆಗೆ ಶೋಭಾ ಕರಂದ್ಲಾಜೆ ಅವರು ಭಾಗವಹಿಸಿರಲಿಲ್ಲ. ಕ್ಷೇತ್ರದ ಜನ, ಪ್ರಮುಖರಿಂದಲೇ ಪ್ರಶ್ನೆಗಳು ಎದ್ದ ನಂತರ ಸಂಪರ್ಕ ಕಾರ್ಯಕ್ರಮ ಹಮ್ಮಿಕೊಂಡಿದ್ದರು.

ಕಾರ್ಯಕರ್ತರಲ್ಲಿ ಬೇಸರ ಮೂಡಿದ್ದು, ಪಕ್ಷದ ವರ್ಚಸ್ಸು ಹೆಚ್ಚಿಸುವ ದಿಕ್ಕಿನಲ್ಲಿ ಸಾಗಬೇಕಿದ್ದ ಶೋಭಾ ಕರಂದ್ಲಾಜೆ ಅವರು ಸ್ಪರ್ಧೆ ಬಯಸಿದರೆ ಪಕ್ಷ ಸಂಸದರ ಮರು ಸ್ಪರ್ಧೆಗೆ ಟಿಕೆಟ್ ನೀಡಬೇಕೆ ಎಂಬ ಬಗ್ಗೆ ಚಿಂತನೆ ನಡೆಸಿದೆ.

ಸಿದ್ದರಾಮಯ್ಯ, ಡಿಕೆ ಶಿವಕುಮಾರ್ ಅವರನ್ನು ಹಲವು ಬಾರಿ ಭೇಟಿ ಮಾಡಿರುವ ಇಬ್ಬರು ಶಾಸಕರು ಬಿಜೆಪಿ ಸಭೆಗಳಿಂದ ದೂರ ಉಳಿಯುತ್ತಿದ್ದು, ಇದು ಲೋಕಸಭಾ ಚುನಾವಣೆಯ ಹೊತ್ತಿನಲ್ಲಿ ಪಕ್ಷಕ್ಕೆ ತಲೆನೋವಾಗಿ ಪರಿಣಮಿಸಿದೆ ಎನ್ನಲಾಗಿದೆ.

ಮುಧೋಳದಲ್ಲಿಂದು ಶ್ರೀ ಸ್ವಾಮಿ
ವಿವೇಕಾನಂದರ 161 ನೇ ಜಯಂತ್ಯೋತ್ಸವ

ಬಾಗಲಕೋಟೆ 10 : ಸಿಡಿಲುಮರಿ ಶ್ರೀ ಸ್ವಾಮಿ ವಿವೇಕಾನಂದರ 161 ನೇ ಜಯಂತ್ಯೋತ್ಸವದ ನಿಮಿತ್ತ ಮುಧೋಳದ ಕಾಸಾಟ ಭವನದಲ್ಲಿ ದಿ. 12 ರಂದು ಶುಕ್ರವಾರದಂದು ಮುಂಜಾನೆ 9.30 ಕ್ಕೆ ಶ್ರೀ ಸ್ವಾಮಿ ವಿವೇಕಾನಂದರ 161 ನೇ ಜಯಂತ್ಯೋತ್ಸವ ಕಾರ್ಯಕ್ರಮ ಜರುಗಲಿದೆ.

ಮುಧೋಳ ತಾಲೂಕಾ ಹಿರಿಯ ನಾಗರೀಕರ ವೇದಿಕೆಯ ಆಶ್ರಯದಲ್ಲಿ ನಡೆಯುವ ಕಾರ್ಯಕ್ರಮದಲ್ಲಿ ನಾಗರೀಕ ಹಿರಿಯ ವೇದಿಕೆಯ ಅಧ್ಯಕ್ಷ ಸುಭಾಷ ಸುರಗೌಡರ ಅಧ್ಯಕ್ಷತೆ ವಹಿಸುವರು. ಅತಿಥಿಗಳಾಗಿ ಸಾಹಿತಿ, ವೈದ್ಯರು, ಶಿಕ್ಷಣ ತಜ್ಞರು ಆಗಮಿಸುವರು. ಕಾರ್ಯಕ್ರಮದಲ್ಲಿ ಭಾರತೀಯ ಸಂಸ್ಕೃತಿ ಕುರಿತು ಉಪನ್ಯಾಸ ನೀಡುವರು ಎಂದು ವೇದಿಕೆಯ ಕಾರ್ಯದರ್ಶಿ ನಾಗಪ್ಪ ಮುಧೋಳ ಸ್ವಾಗತ ಕೋರಿದ್ದಾರೆ.
